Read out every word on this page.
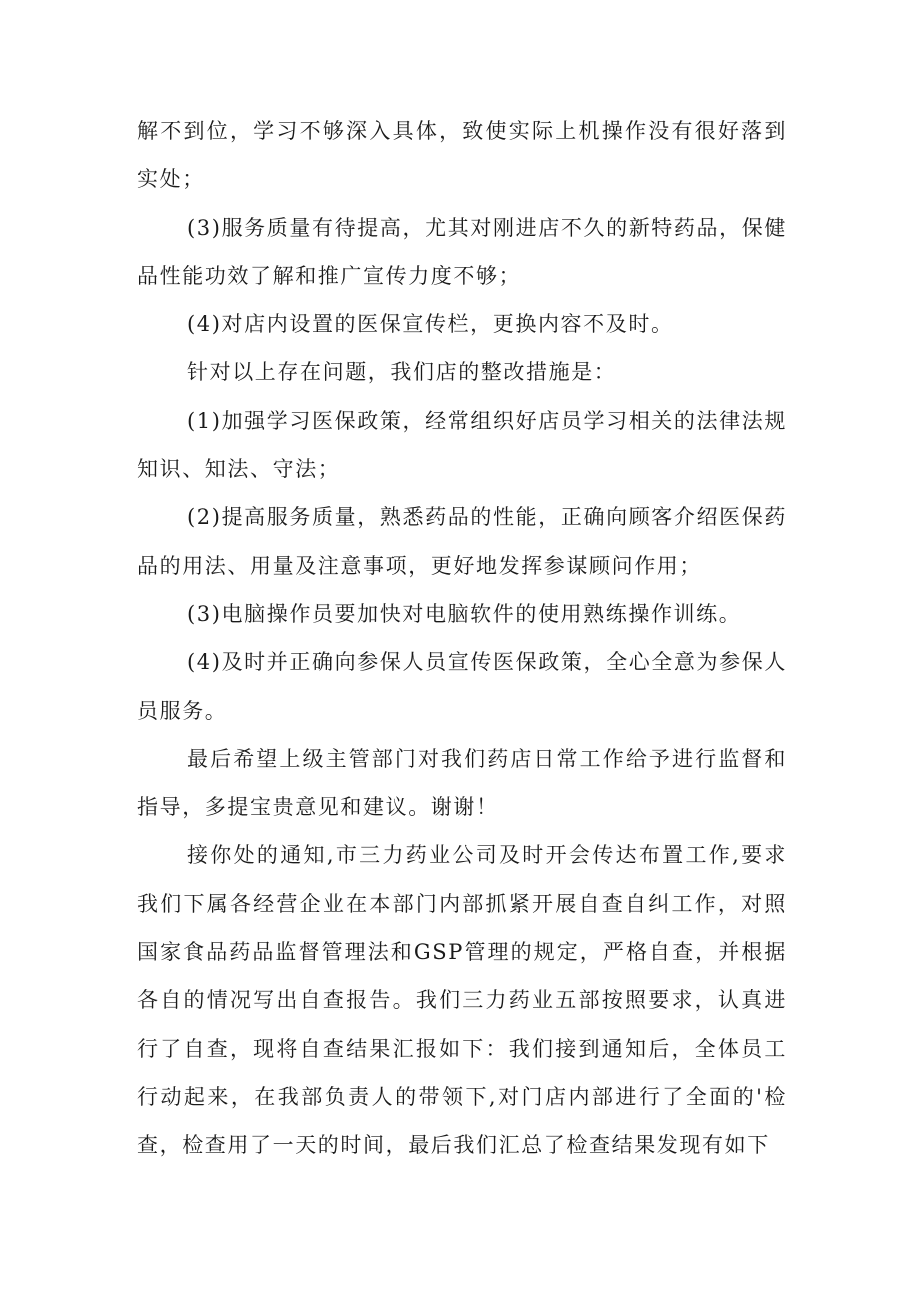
解不到位，学习不够深入具体，致使实际上机操作没有很好落到实处；

(3)服务质量有待提高，尤其对刚进店不久的新特药品，保健品性能功效了解和推广宣传力度不够；

(4)对店内设置的医保宣传栏，更换内容不及时。

针对以上存在问题，我们店的整改措施是：

(1)加强学习医保政策，经常组织好店员学习相关的法律法规知识、知法、守法；

(2)提高服务质量，熟悉药品的性能，正确向顾客介绍医保药品的用法、用量及注意事项，更好地发挥参谋顾问作用；

(3)电脑操作员要加快对电脑软件的使用熟练操作训练。

(4)及时并正确向参保人员宣传医保政策，全心全意为参保人员服务。

最后希望上级主管部门对我们药店日常工作给予进行监督和指导，多提宝贵意见和建议。谢谢！

接你处的通知,市三力药业公司及时开会传达布置工作,要求我们下属各经营企业在本部门内部抓紧开展自查自纠工作，对照国家食品药品监督管理法和GSP管理的规定，严格自查，并根据各自的情况写出自查报告。我们三力药业五部按照要求，认真进行了自查，现将自查结果汇报如下：我们接到通知后，全体员工行动起来，在我部负责人的带领下,对门店内部进行了全面的'检查，检查用了一天的时间，最后我们汇总了检查结果发现有如下
